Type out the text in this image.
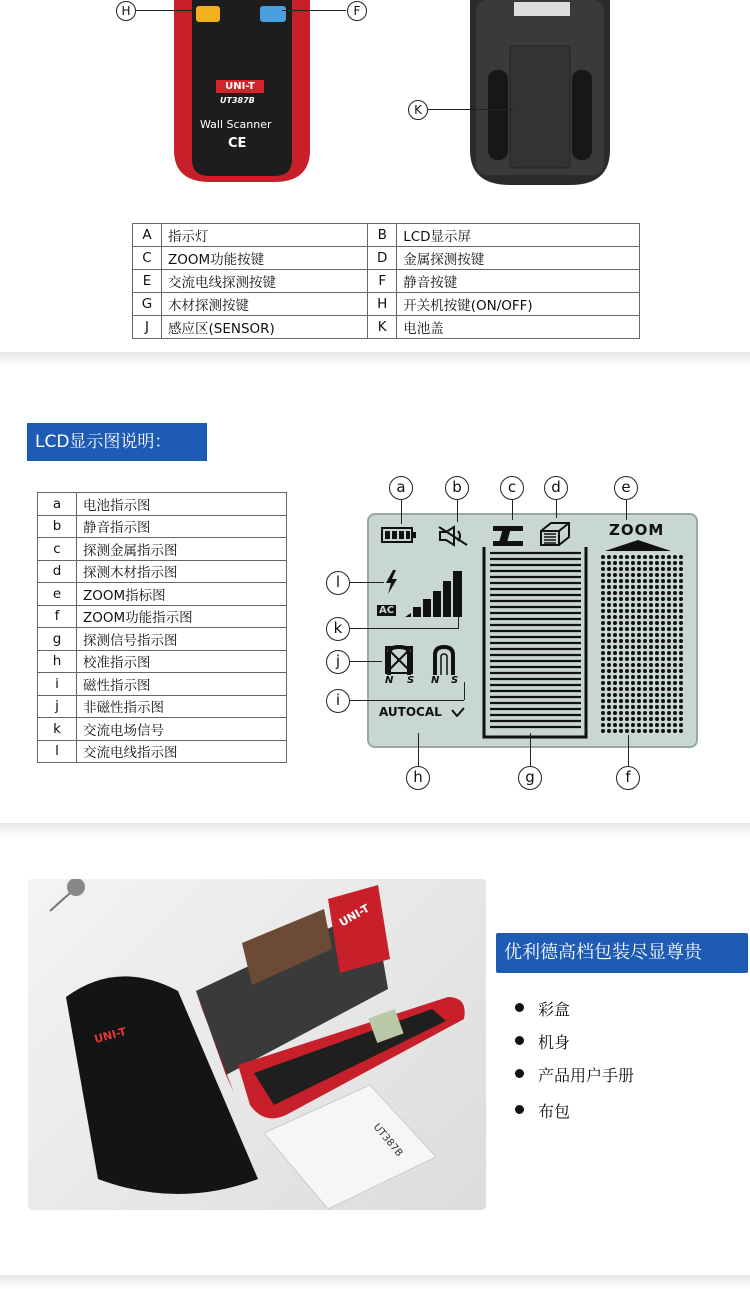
UNI-T
UT387B
Wall Scanner
CE
H	F
K
A	指示灯	B	LCD显示屏
C	ZOOM功能按键	D	金属探测按键
E	交流电线探测按键	F	静音按键
G	木材探测按键	H	开关机按键(ON/OFF)
J	感应区(SENSOR)	K	电池盖
LCD显示图说明：
a	电池指示图
b	静音指示图
c	探测金属指示图
d	探测木材指示图
e	ZOOM指标图
f	ZOOM功能指示图
g	探测信号指示图
h	校准指示图
i	磁性指示图
j	非磁性指示图
k	交流电场信号
l	交流电线指示图
ZOOM
AC
N S N S
AUTOCAL
a	b	c	d	e
l
k
j
i
h	g	f
UNI-T
UNI-T
UT387B
优利德高档包装尽显尊贵
彩盒
机身
产品用户手册
布包
